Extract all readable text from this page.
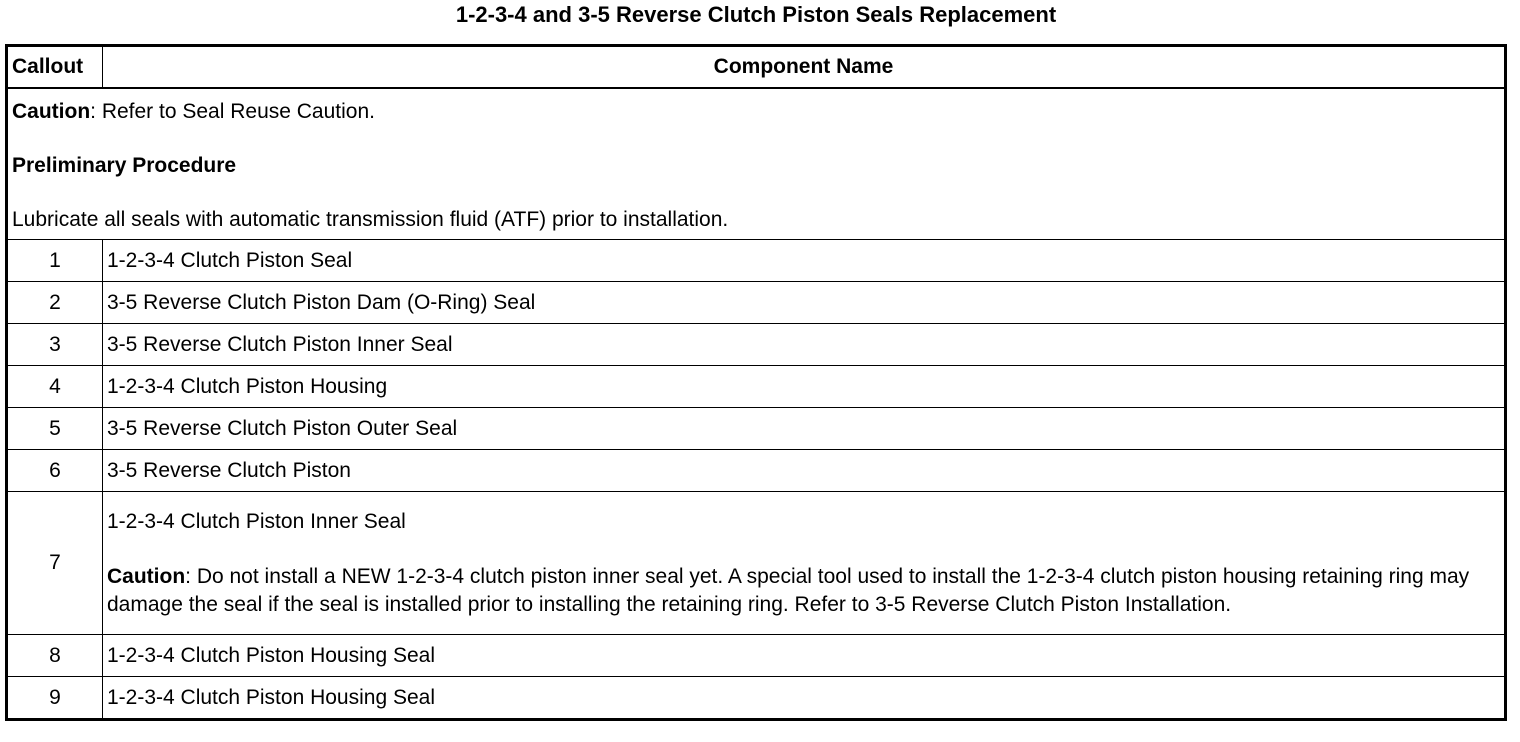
1-2-3-4 and 3-5 Reverse Clutch Piston Seals Replacement
Callout	Component Name

Caution: Refer to Seal Reuse Caution.

Preliminary Procedure

Lubricate all seals with automatic transmission fluid (ATF) prior to installation.	

1	1-2-3-4 Clutch Piston Seal
2	3-5 Reverse Clutch Piston Dam (O-Ring) Seal
3	3-5 Reverse Clutch Piston Inner Seal
4	1-2-3-4 Clutch Piston Housing
5	3-5 Reverse Clutch Piston Outer Seal
6	3-5 Reverse Clutch Piston
7	1-2-3-4 Clutch Piston Inner Seal

Caution: Do not install a NEW 1-2-3-4 clutch piston inner seal yet. A special tool used to install the 1-2-3-4 clutch piston housing retaining ring may damage the seal if the seal is installed prior to installing the retaining ring. Refer to 3-5 Reverse Clutch Piston Installation.

8	1-2-3-4 Clutch Piston Housing Seal
9	1-2-3-4 Clutch Piston Housing Seal
